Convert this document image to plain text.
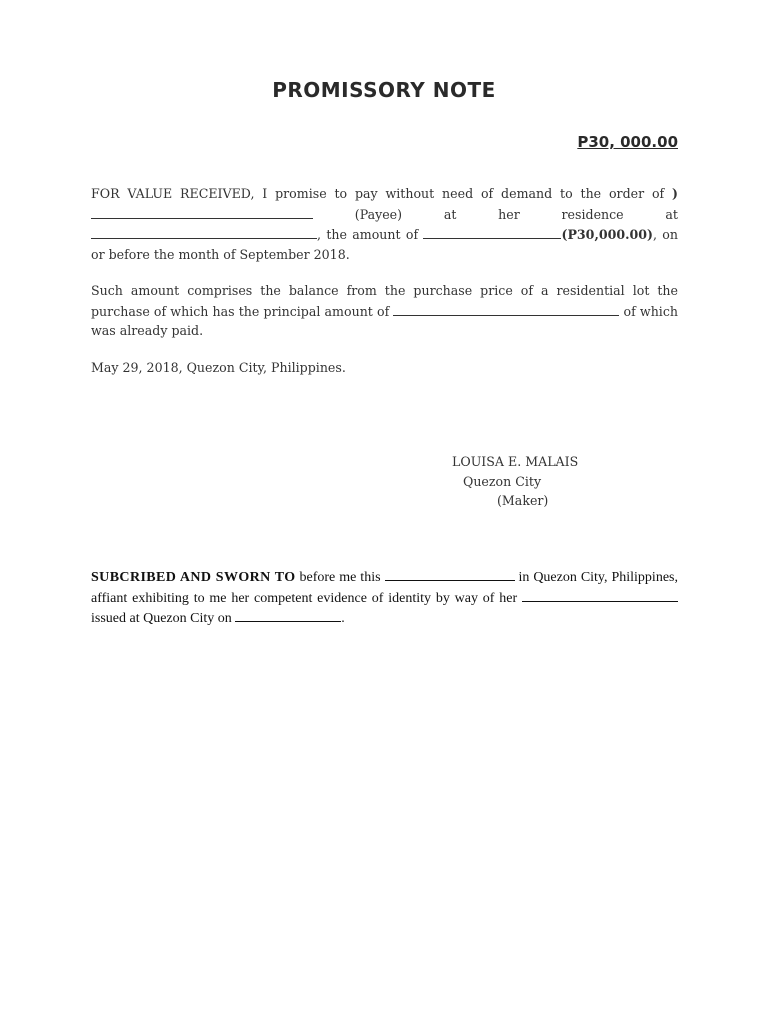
PROMISSORY NOTE
P30, 000.00
FOR VALUE RECEIVED, I promise to pay without need of demand to the order of ) (Payee) at her residence at , the amount of	(P30,000.00), on or before the month of September 2018.
Such amount comprises the balance from the purchase price of a residential lot the purchase of which has the principal amount of	of which was already paid.
May 29, 2018, Quezon City, Philippines.
LOUISA E. MALAIS
Quezon City
(Maker)
SUBCRIBED AND SWORN TO before me this	in Quezon City, Philippines, affiant exhibiting to me her competent evidence of identity by way of her issued at Quezon City on	.
